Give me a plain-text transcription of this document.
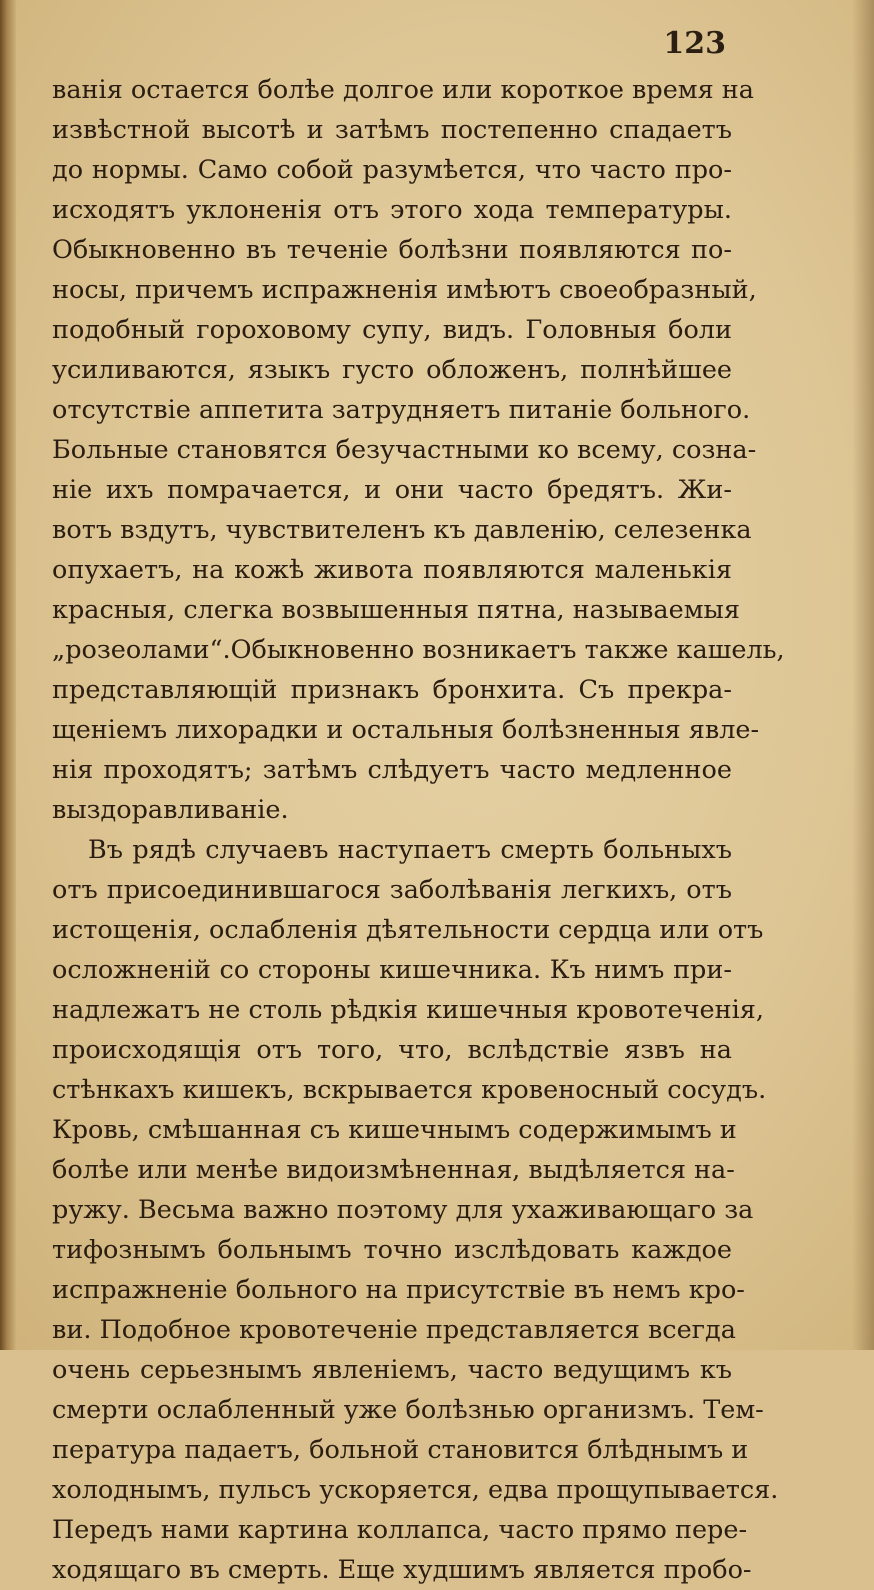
123
ванія остается болѣе долгое или короткое время на
извѣстной высотѣ и затѣмъ постепенно спадаетъ
до нормы. Само собой разумѣется, что часто про-
исходятъ уклоненія отъ этого хода температуры.
Обыкновенно въ теченіе болѣзни появляются по-
носы, причемъ испражненія имѣютъ своеобразный,
подобный гороховому супу, видъ. Головныя боли
усиливаются, языкъ густо обложенъ, полнѣйшее
отсутствіе аппетита затрудняетъ питаніе больного.
Больные становятся безучастными ко всему, созна-
ніе ихъ помрачается, и они часто бредятъ. Жи-
вотъ вздутъ, чувствителенъ къ давленію, селезенка
опухаетъ, на кожѣ живота появляются маленькія
красныя, слегка возвышенныя пятна, называемыя
„розеолами“.Обыкновенно возникаетъ также кашель,
представляющій признакъ бронхита. Съ прекра-
щеніемъ лихорадки и остальныя болѣзненныя явле-
нія проходятъ; затѣмъ слѣдуетъ часто медленное
выздоравливаніе.
Въ рядѣ случаевъ наступаетъ смерть больныхъ
отъ присоединившагося заболѣванія легкихъ, отъ
истощенія, ослабленія дѣятельности сердца или отъ
осложненій со стороны кишечника. Къ нимъ при-
надлежатъ не столь рѣдкія кишечныя кровотеченія,
происходящія отъ того, что, вслѣдствіе язвъ на
стѣнкахъ кишекъ, вскрывается кровеносный сосудъ.
Кровь, смѣшанная съ кишечнымъ содержимымъ и
болѣе или менѣе видоизмѣненная, выдѣляется на-
ружу. Весьма важно поэтому для ухаживающаго за
тифознымъ больнымъ точно изслѣдовать каждое
испражненіе больного на присутствіе въ немъ кро-
ви. Подобное кровотеченіе представляется всегда
очень серьезнымъ явленіемъ, часто ведущимъ къ
смерти ослабленный уже болѣзнью организмъ. Тем-
пература падаетъ, больной становится блѣднымъ и
холоднымъ, пульсъ ускоряется, едва прощупывается.
Передъ нами картина коллапса, часто прямо пере-
ходящаго въ смерть. Еще худшимъ является пробо-
